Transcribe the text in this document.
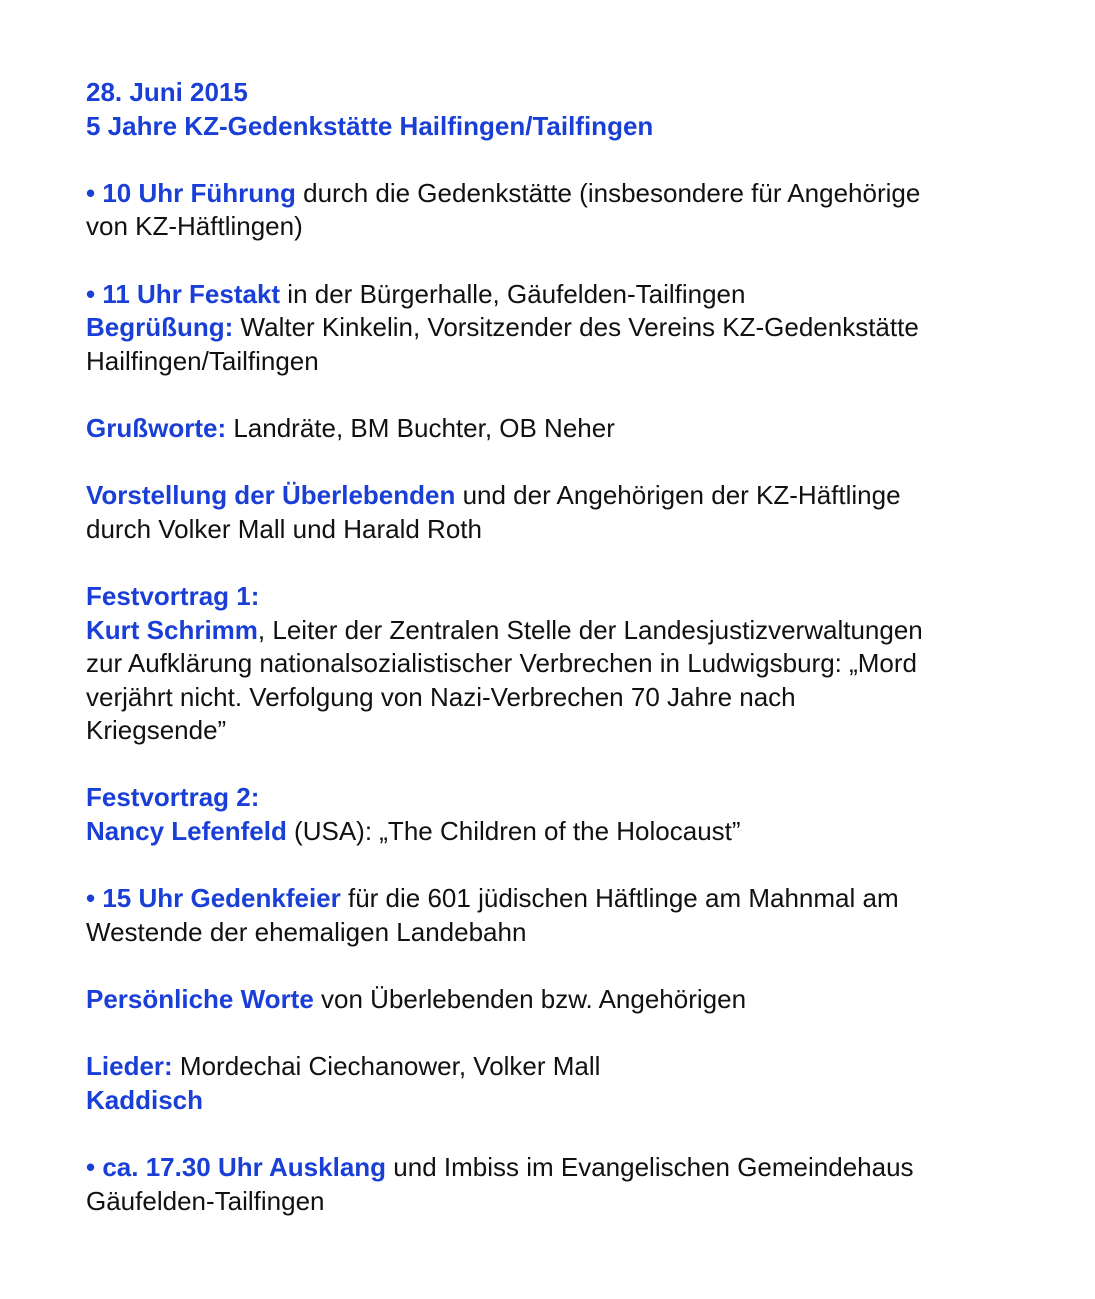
28. Juni 2015
5 Jahre KZ-Gedenkstätte Hailfingen/Tailfingen
• 10 Uhr Führung durch die Gedenkstätte (insbesondere für Angehörige
von KZ-Häftlingen)
• 11 Uhr Festakt in der Bürgerhalle, Gäufelden-Tailfingen
Begrüßung: Walter Kinkelin, Vorsitzender des Vereins KZ-Gedenkstätte
Hailfingen/Tailfingen
Grußworte: Landräte, BM Buchter, OB Neher
Vorstellung der Überlebenden und der Angehörigen der KZ-Häftlinge
durch Volker Mall und Harald Roth
Festvortrag 1:
Kurt Schrimm, Leiter der Zentralen Stelle der Landesjustizverwaltungen
zur Aufklärung nationalsozialistischer Verbrechen in Ludwigsburg: „Mord
verjährt nicht. Verfolgung von Nazi-Verbrechen 70 Jahre nach
Kriegsende”
Festvortrag 2:
Nancy Lefenfeld (USA): „The Children of the Holocaust”
• 15 Uhr Gedenkfeier für die 601 jüdischen Häftlinge am Mahnmal am
Westende der ehemaligen Landebahn
Persönliche Worte von Überlebenden bzw. Angehörigen
Lieder: Mordechai Ciechanower, Volker Mall
Kaddisch
• ca. 17.30 Uhr Ausklang und Imbiss im Evangelischen Gemeindehaus
Gäufelden-Tailfingen
